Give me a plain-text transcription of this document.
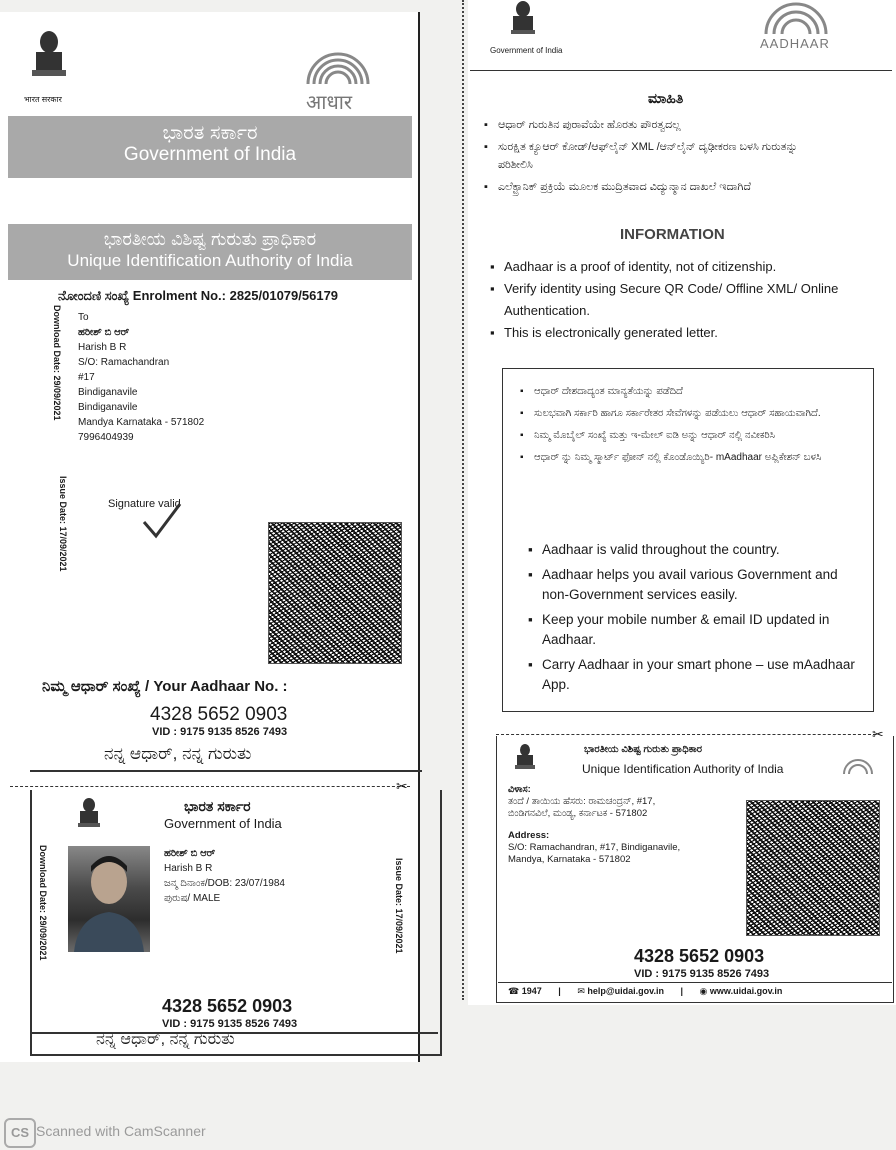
भारत सरकार	आधार
ಭಾರತ ಸರ್ಕಾರ
Government of India
ಭಾರತೀಯ ವಿಶಿಷ್ಟ ಗುರುತು ಪ್ರಾಧಿಕಾರ
Unique Identification Authority of India
ನೋಂದಣಿ ಸಂಖ್ಯೆ Enrolment No.: 2825/01079/56179
Download Date: 29/09/2021 To
ಹರೀಶ್ ಬಿ ಆರ್
Harish B R
S/O: Ramachandran
#17
Bindiganavile
Bindiganavile
Mandya Karnataka - 571802
7996404939
Issue Date: 17/09/2021	Signature valid
ನಿಮ್ಮ ಆಧಾರ್ ಸಂಖ್ಯೆ / Your Aadhaar No. :
4328 5652 0903
VID : 9175 9135 8526 7493
ನನ್ನ ಆಧಾರ್, ನನ್ನ ಗುರುತು
✂
ಭಾರತ ಸರ್ಕಾರ
Government of India
Download Date: 29/09/2021	ಹರೀಶ್ ಬಿ ಆರ್
Harish B R
ಜನ್ಮ ದಿನಾಂಕ/DOB: 23/07/1984
ಪುರುಷ/ MALE	Issue Date: 17/09/2021
4328 5652 0903
VID : 9175 9135 8526 7493
ನನ್ನ ಆಧಾರ್, ನನ್ನ ಗುರುತು
Government of India	AADHAAR
ಮಾಹಿತಿ
▪ ಆಧಾರ್ ಗುರುತಿನ ಪುರಾವೆಯೇ ಹೊರತು ಪೌರತ್ವದಲ್ಲ
▪ ಸುರಕ್ಷಿತ ಕ್ಯೂಆರ್ ಕೋಡ್/ಆಫ್‌ಲೈನ್ XML /ಆನ್‌ಲೈನ್ ದೃಢೀಕರಣ ಬಳಸಿ ಗುರುತನ್ನು ಪರಿಶೀಲಿಸಿ
▪ ಎಲೆಕ್ಟ್ರಾನಿಕ್ ಪ್ರಕ್ರಿಯೆ ಮೂಲಕ ಮುದ್ರಿತವಾದ ವಿದ್ಯುನ್ಮಾನ ದಾಖಲೆ ಇದಾಗಿದೆ
INFORMATION
▪ Aadhaar is a proof of identity, not of citizenship.
▪ Verify identity using Secure QR Code/ Offline XML/ Online Authentication.
▪ This is electronically generated letter.
▪ ಆಧಾರ್ ದೇಶದಾದ್ಯಂತ ಮಾನ್ಯತೆಯನ್ನು ಪಡೆದಿದೆ
▪ ಸುಲಭವಾಗಿ ಸರ್ಕಾರಿ ಹಾಗೂ ಸರ್ಕಾರೇತರ ಸೇವೆಗಳನ್ನು ಪಡೆಯಲು ಆಧಾರ್ ಸಹಾಯವಾಗಿದೆ.
▪ ನಿಮ್ಮ ಮೊಬೈಲ್ ಸಂಖ್ಯೆ ಮತ್ತು ಇ-ಮೇಲ್ ಐಡಿ ಅನ್ನು ಆಧಾರ್ ನಲ್ಲಿ ನವೀಕರಿಸಿ
▪ ಆಧಾರ್ ನ್ನು ನಿಮ್ಮ ಸ್ಮಾರ್ಟ್ ಫೋನ್ ನಲ್ಲಿ ಕೊಂಡೊಯ್ಯಿರಿ- mAadhaar ಅಪ್ಲಿಕೇಶನ್ ಬಳಸಿ
▪ Aadhaar is valid throughout the country.
▪ Aadhaar helps you avail various Government and non-Government services easily.
▪ Keep your mobile number & email ID updated in Aadhaar.
▪ Carry Aadhaar in your smart phone – use mAadhaar App.
✂
ಭಾರತೀಯ ವಿಶಿಷ್ಟ ಗುರುತು ಪ್ರಾಧಿಕಾರ
Unique Identification Authority of India
ವಿಳಾಸ:
ತಂದೆ / ತಾಯಿಯ ಹೆಸರು: ರಾಮಚಂದ್ರನ್, #17, ಬಿಂಡಿಗನವಿಲೆ, ಮಂಡ್ಯ, ಕರ್ನಾಟಕ - 571802
Address:
S/O: Ramachandran, #17, Bindiganavile, Mandya, Karnataka - 571802
4328 5652 0903
VID : 9175 9135 8526 7493
☎ 1947 | ✉ help@uidai.gov.in | ◉ www.uidai.gov.in
CS Scanned with CamScanner
